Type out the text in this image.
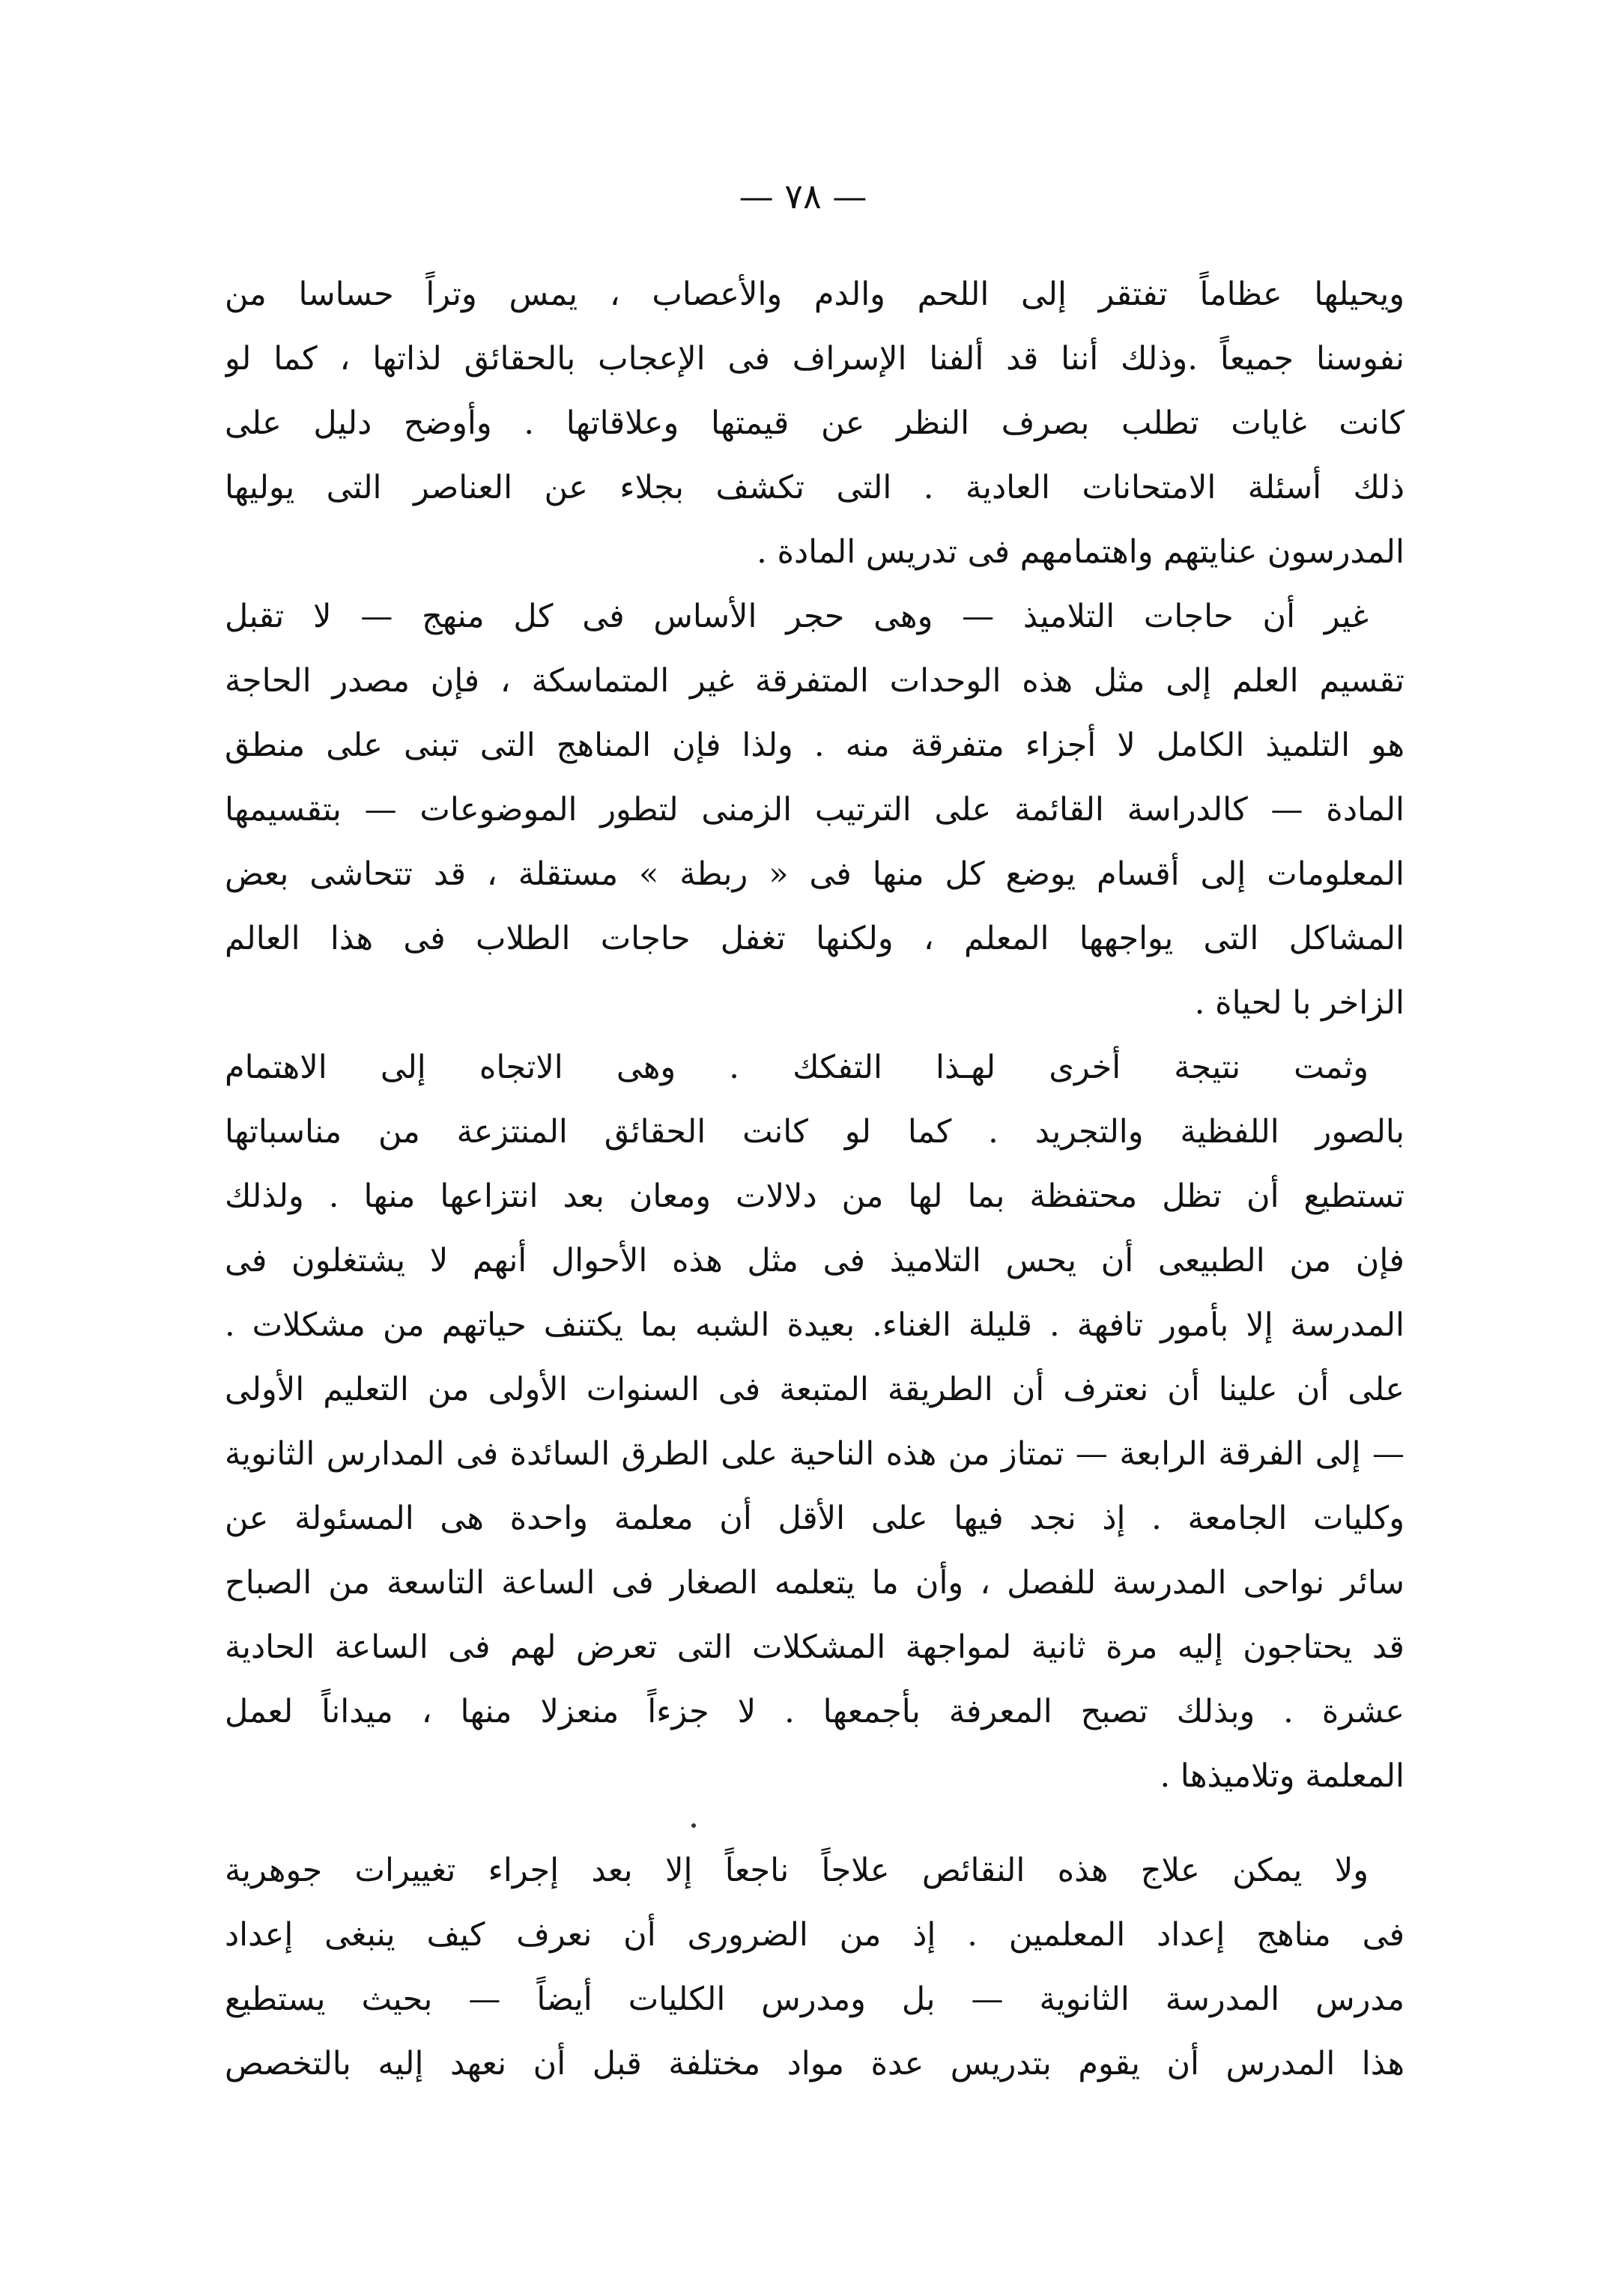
— ٧٨ —
ويحيلها عظاماً تفتقر إلى اللحم والدم والأعصاب ، يمس وتراً حساسا من
نفوسنا جميعاً .وذلك أننا قد ألفنا الإسراف فى الإعجاب بالحقائق لذاتها ، كما لو
كانت غايات تطلب بصرف النظر عن قيمتها وعلاقاتها . وأوضح دليل على
ذلك أسئلة الامتحانات العادية . التى تكشف بجلاء عن العناصر التى يوليها
المدرسون عنايتهم واهتمامهم فى تدريس المادة .
غير أن حاجات التلاميذ — وهى حجر الأساس فى كل منهج — لا تقبل
تقسيم العلم إلى مثل هذه الوحدات المتفرقة غير المتماسكة ، فإن مصدر الحاجة
هو التلميذ الكامل لا أجزاء متفرقة منه . ولذا فإن المناهج التى تبنى على منطق
المادة — كالدراسة القائمة على الترتيب الزمنى لتطور الموضوعات — بتقسيمها
المعلومات إلى أقسام يوضع كل منها فى « ربطة » مستقلة ، قد تتحاشى بعض
المشاكل التى يواجهها المعلم ، ولكنها تغفل حاجات الطلاب فى هذا العالم
الزاخر با لحياة .
وثمت نتيجة أخرى لهـذا التفكك . وهى الاتجاه إلى الاهتمام
بالصور اللفظية والتجريد . كما لو كانت الحقائق المنتزعة من مناسباتها
تستطيع أن تظل محتفظة بما لها من دلالات ومعان بعد انتزاعها منها . ولذلك
فإن من الطبيعى أن يحس التلاميذ فى مثل هذه الأحوال أنهم لا يشتغلون فى
المدرسة إلا بأمور تافهة . قليلة الغناء. بعيدة الشبه بما يكتنف حياتهم من مشكلات .
على أن علينا أن نعترف أن الطريقة المتبعة فى السنوات الأولى من التعليم الأولى
— إلى الفرقة الرابعة — تمتاز من هذه الناحية على الطرق السائدة فى المدارس الثانوية
وكليات الجامعة . إذ نجد فيها على الأقل أن معلمة واحدة هى المسئولة عن
سائر نواحى المدرسة للفصل ، وأن ما يتعلمه الصغار فى الساعة التاسعة من الصباح
قد يحتاجون إليه مرة ثانية لمواجهة المشكلات التى تعرض لهم فى الساعة الحادية
عشرة . وبذلك تصبح المعرفة بأجمعها . لا جزءاً منعزلا منها ، ميداناً لعمل
المعلمة وتلاميذها .
ولا يمكن علاج هذه النقائص علاجاً ناجعاً إلا بعد إجراء تغييرات جوهرية
فى مناهج إعداد المعلمين . إذ من الضرورى أن نعرف كيف ينبغى إعداد
مدرس المدرسة الثانوية — بل ومدرس الكليات أيضاً — بحيث يستطيع
هذا المدرس أن يقوم بتدريس عدة مواد مختلفة قبل أن نعهد إليه بالتخصص
